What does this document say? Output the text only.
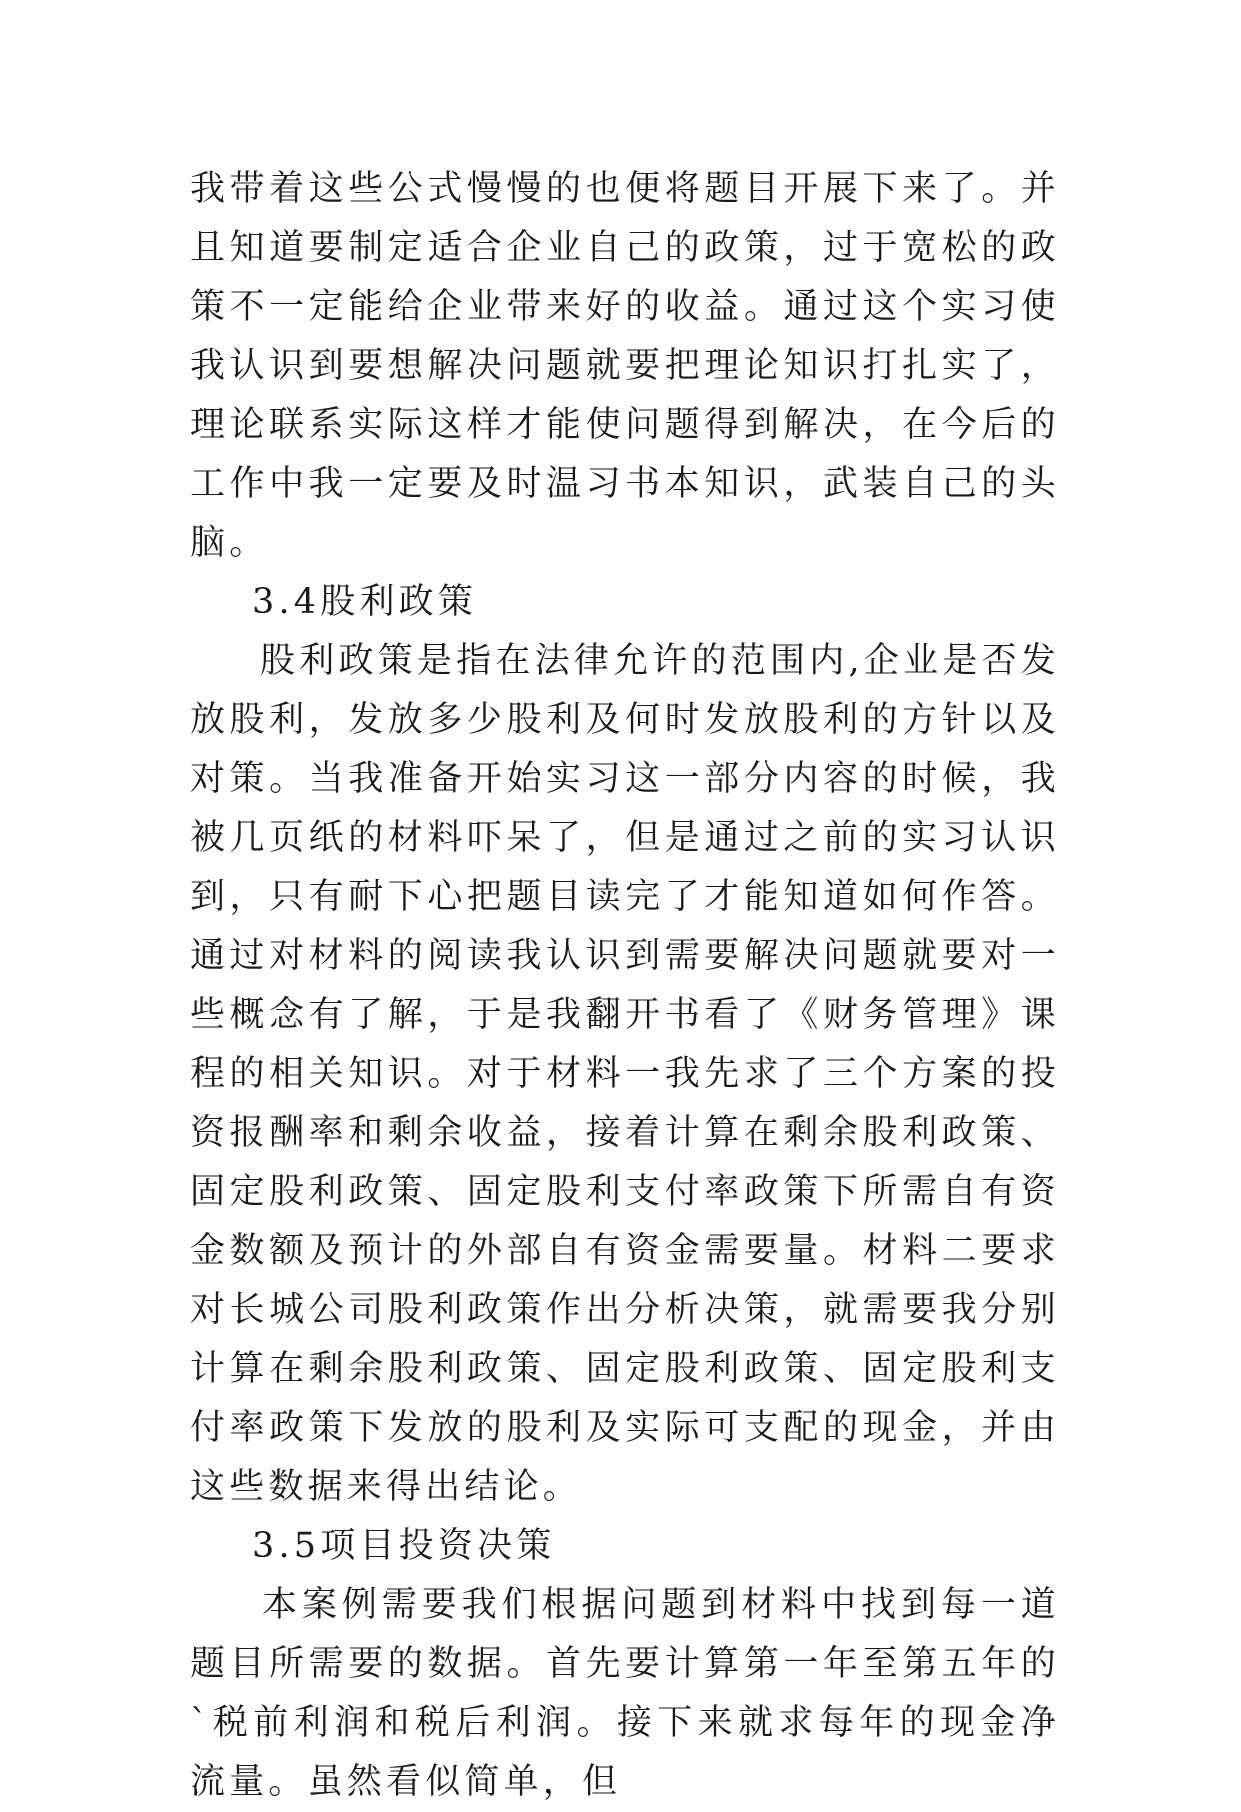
我带着这些公式慢慢的也便将题目开展下来了。并且知道要制定适合企业自己的政策，过于宽松的政策不一定能给企业带来好的收益。通过这个实习使我认识到要想解决问题就要把理论知识打扎实了，理论联系实际这样才能使问题得到解决，在今后的工作中我一定要及时温习书本知识，武装自己的头脑。

3.4股利政策

股利政策是指在法律允许的范围内,企业是否发放股利，发放多少股利及何时发放股利的方针以及对策。当我准备开始实习这一部分内容的时候，我被几页纸的材料吓呆了，但是通过之前的实习认识到，只有耐下心把题目读完了才能知道如何作答。通过对材料的阅读我认识到需要解决问题就要对一些概念有了解，于是我翻开书看了《财务管理》课程的相关知识。对于材料一我先求了三个方案的投资报酬率和剩余收益，接着计算在剩余股利政策、固定股利政策、固定股利支付率政策下所需自有资金数额及预计的外部自有资金需要量。材料二要求对长城公司股利政策作出分析决策，就需要我分别计算在剩余股利政策、固定股利政策、固定股利支付率政策下发放的股利及实际可支配的现金，并由这些数据来得出结论。

3.5项目投资决策

本案例需要我们根据问题到材料中找到每一道题目所需要的数据。首先要计算第一年至第五年的`税前利润和税后利润。接下来就求每年的现金净流量。虽然看似简单，但
